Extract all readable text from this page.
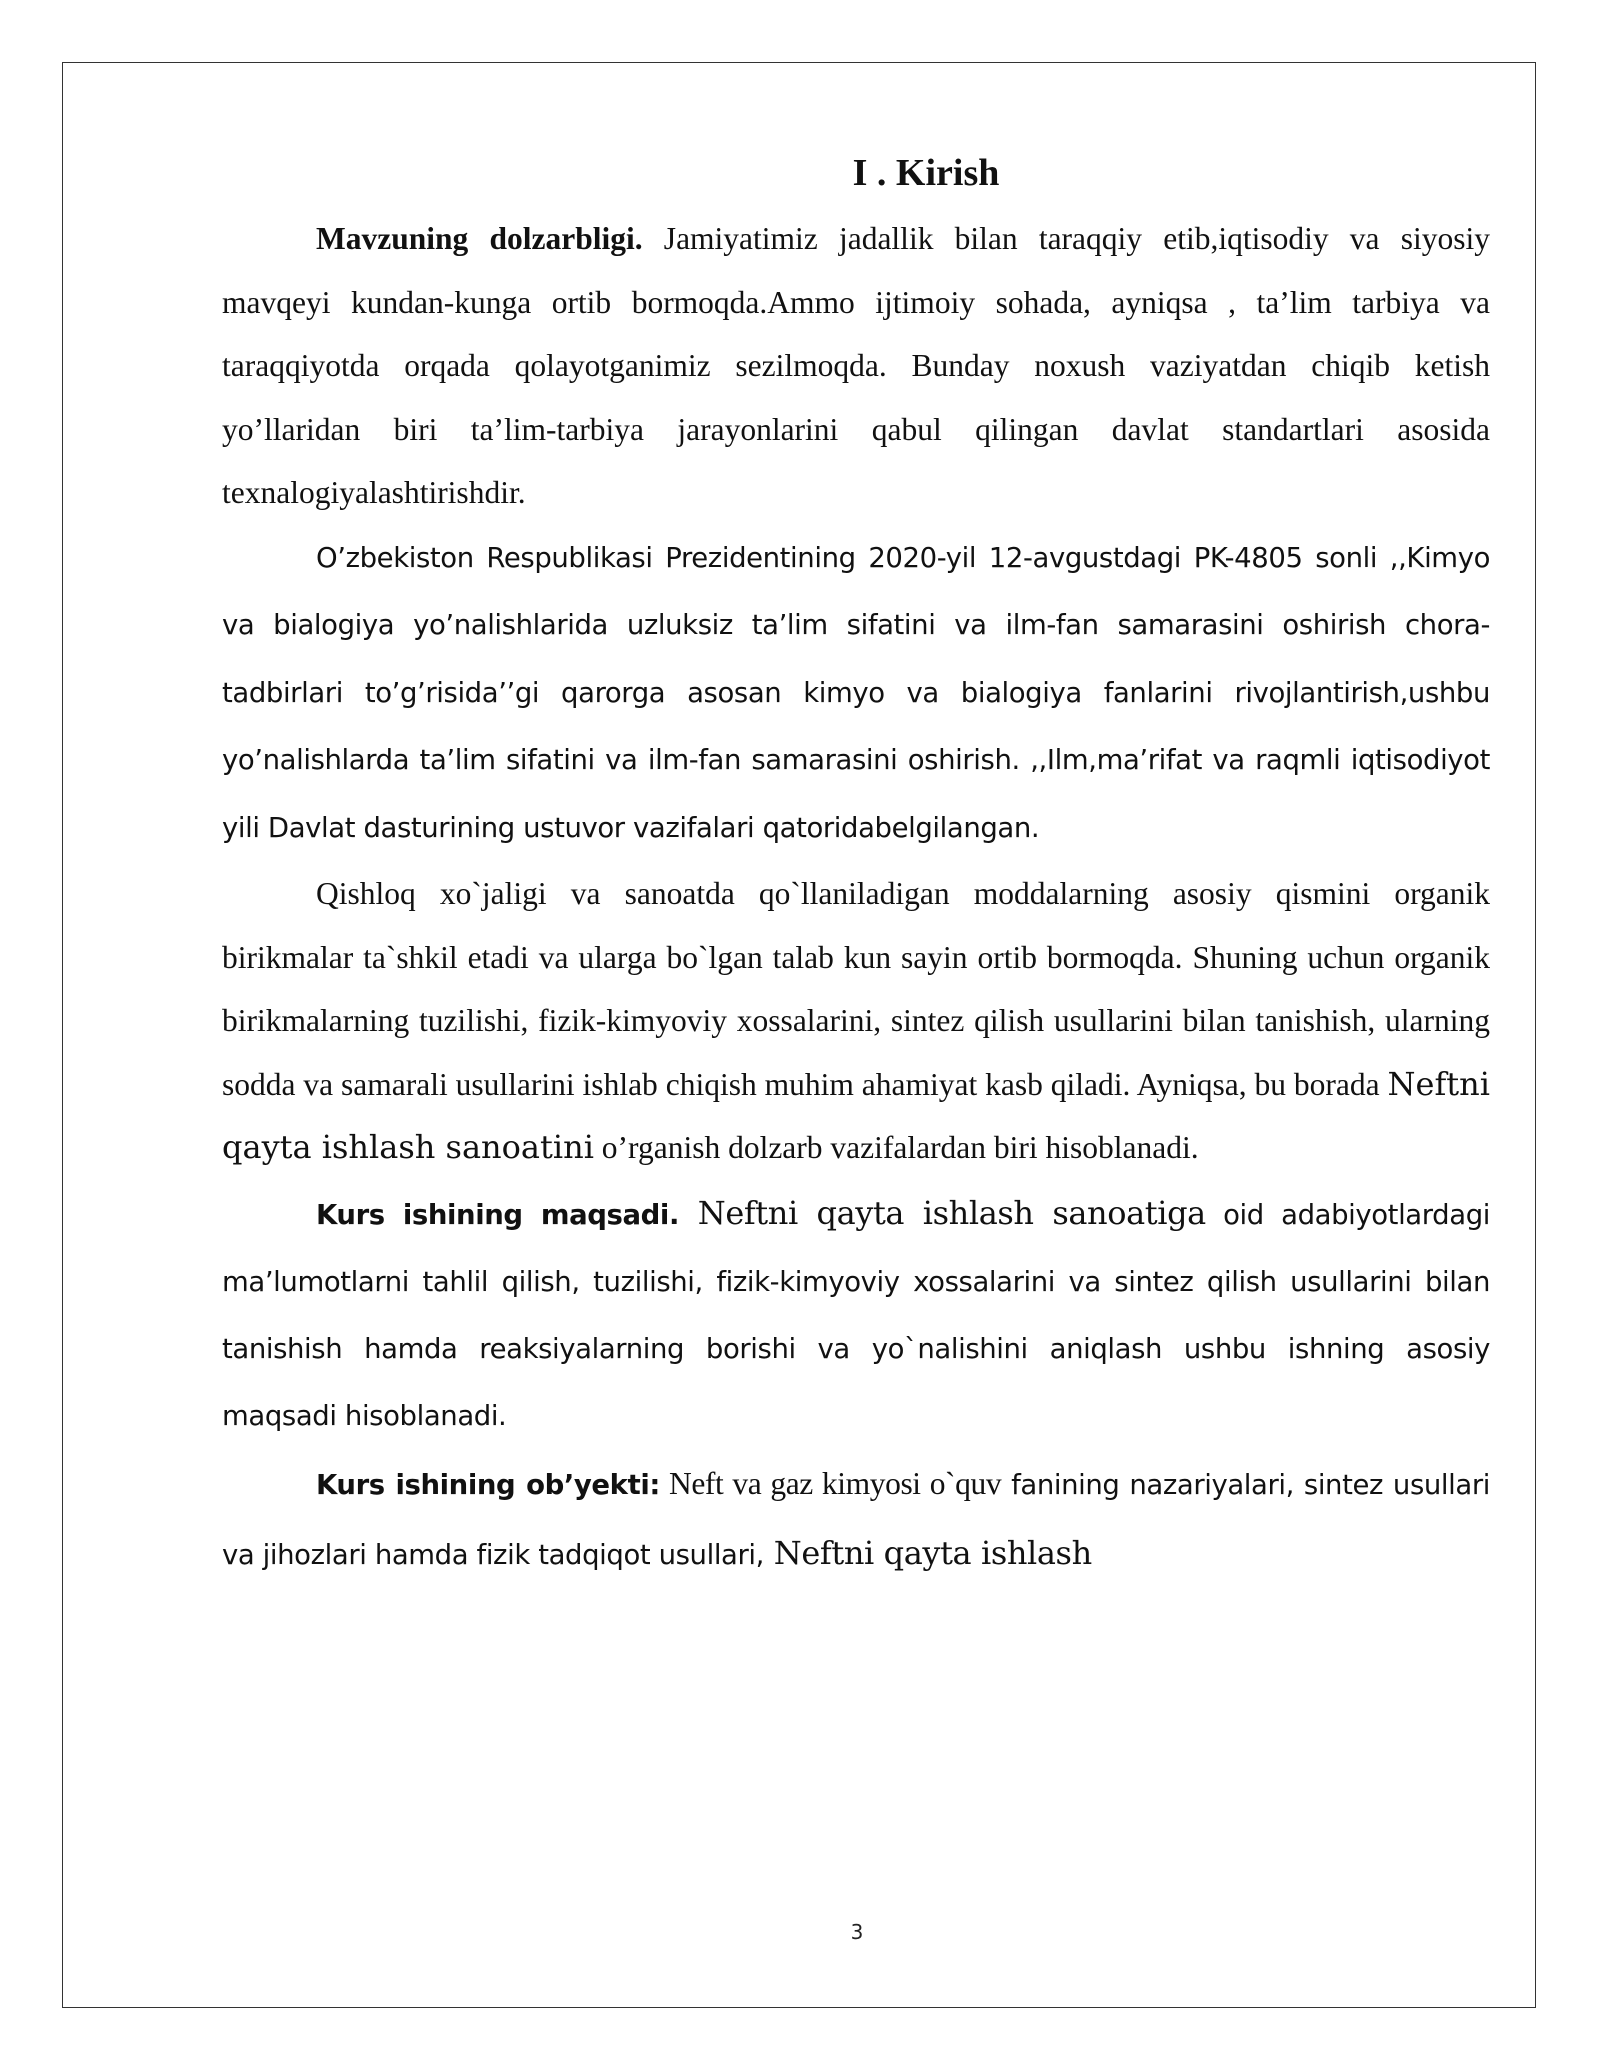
I . Kirish

Mavzuning dolzarbligi. Jamiyatimiz jadallik bilan taraqqiy etib,iqtisodiy va siyosiy mavqeyi kundan-kunga ortib bormoqda.Ammo ijtimoiy sohada, ayniqsa , ta’lim tarbiya va taraqqiyotda orqada qolayotganimiz sezilmoqda. Bunday noxush vaziyatdan chiqib ketish yo’llaridan biri ta’lim-tarbiya jarayonlarini qabul qilingan davlat standartlari asosida texnalogiyalashtirishdir.

O’zbekiston Respublikasi Prezidentining 2020-yil 12-avgustdagi PK-4805 sonli ,,Kimyo va bialogiya yo’nalishlarida uzluksiz ta’lim sifatini va ilm-fan samarasini oshirish chora-tadbirlari to’g’risida’’gi qarorga asosan kimyo va bialogiya fanlarini rivojlantirish,ushbu yo’nalishlarda ta’lim sifatini va ilm-fan samarasini oshirish. ,,Ilm,ma’rifat va raqmli iqtisodiyot yili Davlat dasturining ustuvor vazifalari qatoridabelgilangan.

Qishloq xo`jaligi va sanoatda qo`llaniladigan moddalarning asosiy qismini organik birikmalar ta`shkil etadi va ularga bo`lgan talab kun sayin ortib bormoqda. Shuning uchun organik birikmalarning tuzilishi, fizik-kimyoviy xossalarini, sintez qilish usullarini bilan tanishish, ularning sodda va samarali usullarini ishlab chiqish muhim ahamiyat kasb qiladi. Ayniqsa, bu borada Neftni qayta ishlash sanoatini o’rganish dolzarb vazifalardan biri hisoblanadi.

Kurs ishining maqsadi. Neftni qayta ishlash sanoatiga oid adabiyotlardagi ma’lumotlarni tahlil qilish, tuzilishi, fizik-kimyoviy xossalarini va sintez qilish usullarini bilan tanishish hamda reaksiyalarning borishi va yo`nalishini aniqlash ushbu ishning asosiy maqsadi hisoblanadi.

Kurs ishining ob’yekti: Neft va gaz kimyosi o`quv fanining nazariyalari, sintez usullari va jihozlari hamda fizik tadqiqot usullari, Neftni qayta ishlash

3
